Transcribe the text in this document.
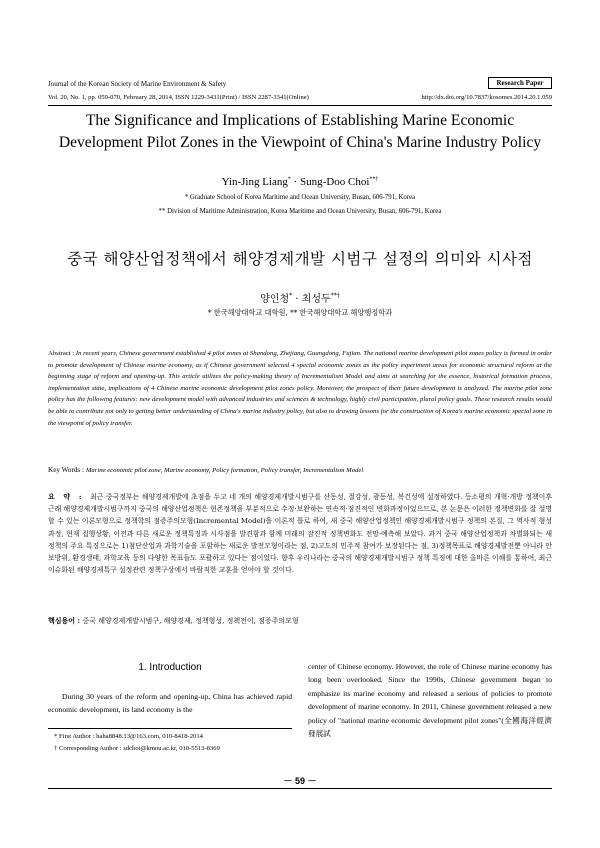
Journal of the Korean Society of Marine Environment & Safety	Research Paper
Vol. 20, No. 1, pp. 059-070, February 28, 2014, ISSN 1229-3431(Print) / ISSN 2287-3341(Online)	http://dx.doi.org/10.7837/kosomes.2014.20.1.059
The Significance and Implications of Establishing Marine Economic
Development Pilot Zones in the Viewpoint of China's Marine Industry Policy
Yin-Jing Liang* · Sung-Doo Choi**†
* Graduate School of Korea Maritime and Ocean University, Busan, 606-791, Korea
** Division of Maritime Administration, Korea Maritime and Ocean University, Busan, 606-791, Korea
중국 해양산업정책에서 해양경제개발 시범구 설정의 의미와 시사점
양인청* · 최성두**†
* 한국해양대학교 대학원, ** 한국해양대학교 해양행정학과
Abstract : In recent years, Chinese government established 4 pilot zones at Shandong, Zhejiang, Guangdong, Fujian. The national marine development pilot zones policy is formed in order to promote development of Chinese marine economy, as if Chinese government selected 4 special economic zones as the policy experiment areas for economic structural reform at the beginning stage of reform and opening-up. This article utilizes the policy-making theory of Incrementalism Model and aims at searching for the essence, historical formation process, implementation state, implications of 4 Chinese marine economic development pilot zones policy. Moreover, the prospect of their future development is analyzed. The marine pilot zone policy has the following features: new development model with advanced industries and sciences & technology, highly civil participation, plural policy goals. These research results would be able to contribute not only to getting better understanding of China's marine industry policy, but also to drawing lessons for the construction of Korea's marine economic special zone in the viewpoint of policy transfer.
Key Words : Marine economic pilot zone, Marine economy, Policy formation, Policy transfer, Incrementalism Model
요 약 : 최근 중국정부는 해양경제개발에 초점을 두고 네 개의 해양경제개발시범구를 산동성, 절강성, 광동성, 복건성에 설정하였다. 등소평의 개혁·개방 정책이후 근래 해양경제개발시범구까지 중국의 해양산업정책은 현존정책을 부분적으로 수정·보완하는 연속적·점진적인 변화과정이었으므로, 본 논문은 이러한 정책변화를 잘 설명할 수 있는 이론모형으로 정책학의 점증주의모형(Incremental Model)을 이론적 틀로 하여, 새 중국 해양산업정책인 해양경제개발시범구 정책의 본질, 그 역사적 형성과정, 현재 집행상황, 이전과 다른 새로운 정책특징과 시사점을 발견함과 함께 미래의 잠진적 정책변화도 전망·예측해 보았다. 과거 중국 해양산업정책과 차별화되는 새 정책의 주요 특징으로는 1)첨단산업과 과학기술을 포함하는 새로운 발전모형이라는 점, 2)고도의 민주적 참여가 보장된다는 점, 3)정책목표로 해양경제발전뿐 아니라 안보방위, 환경생태, 과학교육 등의 다양한 목표들도 포괄하고 있다는 점이었다. 향후 우리나라는 중국의 해양경제개발시범구 정책 특징에 대한 올바른 이해를 통하여, 최근 이슈화된 해양경제특구 설정관련 정책구상에서 바람직한 교훈을 얻어야 할 것이다.
핵심용어 : 중국 해양경제개발시범구, 해양경제, 정책형성, 정책전이, 점증주의모형
1. Introduction
During 30 years of the reform and opening-up, China has achieved rapid economic development, its land economy is the
center of Chinese economy. However, the role of Chinese marine economy has long been overlooked. Since the 1990s, Chinese government began to emphasize its marine economy and released a serious of policies to promote development of marine economy. In 2011, Chinese government released a new policy of "national marine economic development pilot zones"(全國海洋經濟發展試
* First Author : haha8848.13@163.com, 010-8418-2014
† Corresponding Author : sdchoi@kmou.ac.kr, 010-5513-8369
－ 59 －
